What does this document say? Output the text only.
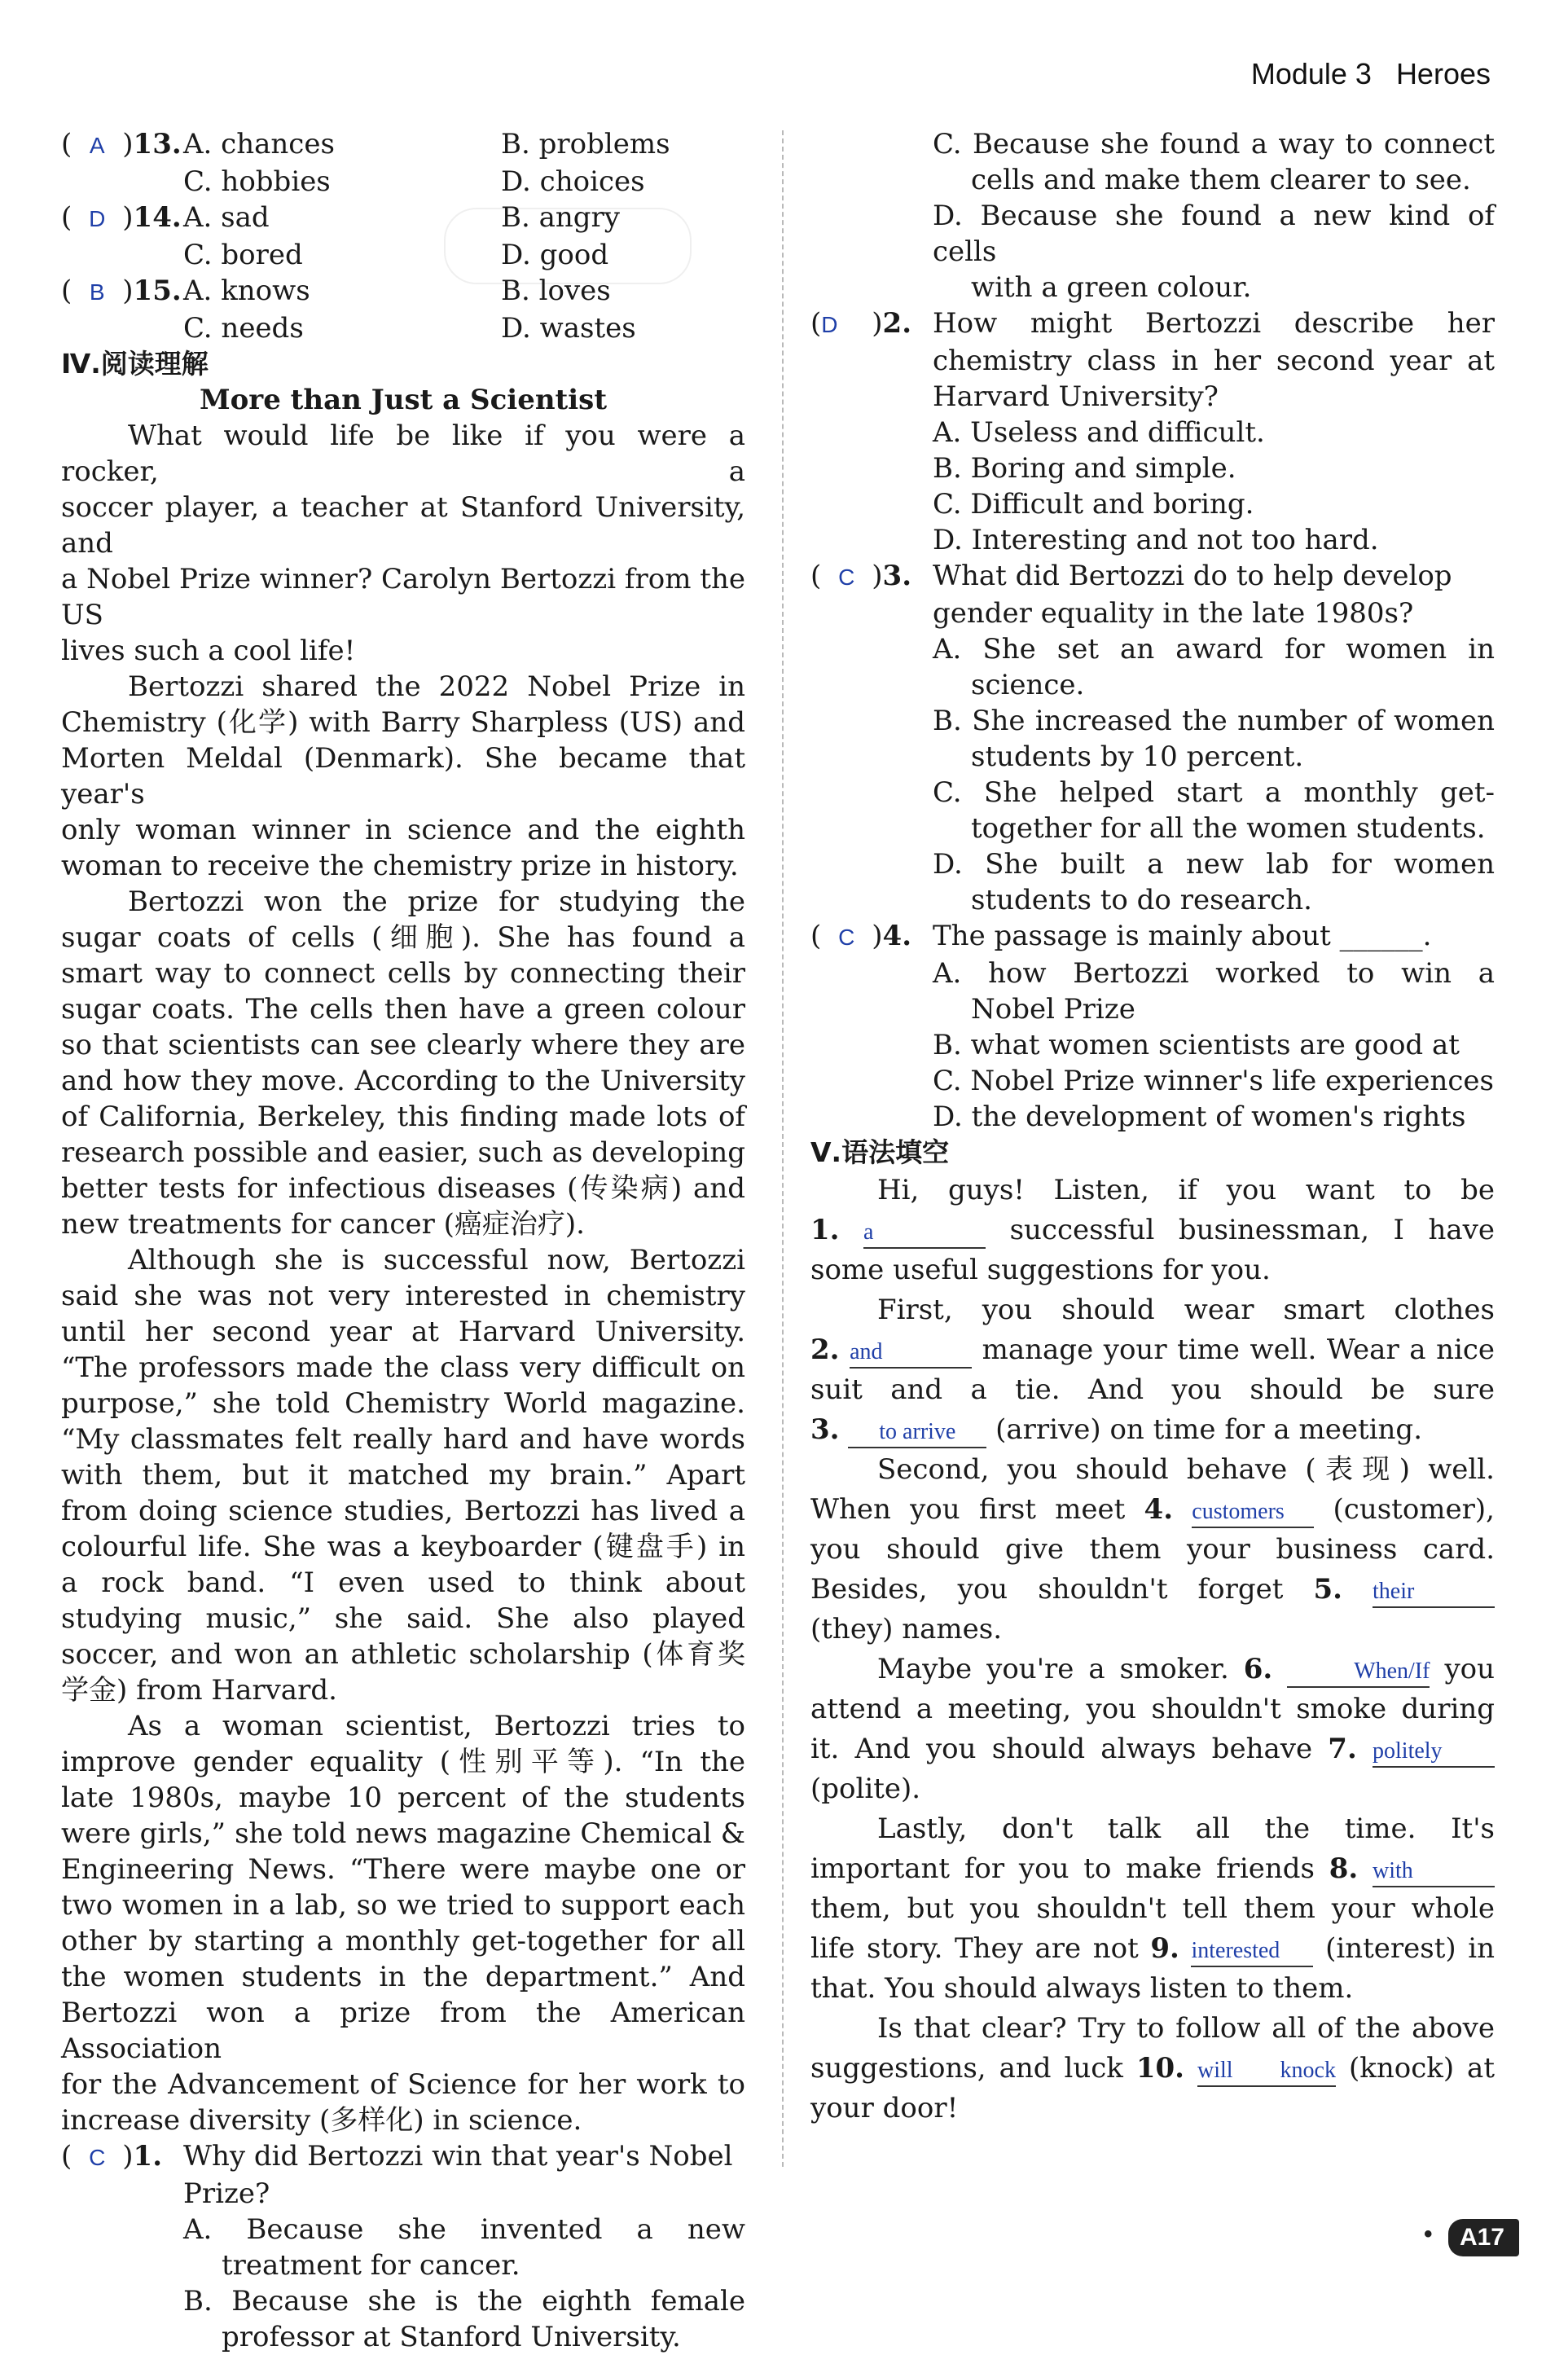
Module 3 Heroes
( A )13.A. chances	B. problems
C. hobbies	D. choices
( D )14.A. sad	B. angry
C. bored	D. good
( B )15.A. knows	B. loves
C. needs	D. wastes

Ⅳ.阅读理解

More than Just a Scientist

What would life be like if you were a rocker, a

soccer player, a teacher at Stanford University, and

a Nobel Prize winner? Carolyn Bertozzi from the US

lives such a cool life!

Bertozzi shared the 2022 Nobel Prize in

Chemistry (化学) with Barry Sharpless (US) and

Morten Meldal (Denmark). She became that year's

only woman winner in science and the eighth

woman to receive the chemistry prize in history.

Bertozzi won the prize for studying the

sugar coats of cells (细胞). She has found a

smart way to connect cells by connecting their

sugar coats. The cells then have a green colour

so that scientists can see clearly where they are

and how they move. According to the University

of California, Berkeley, this finding made lots of

research possible and easier, such as developing

better tests for infectious diseases (传染病) and

new treatments for cancer (癌症治疗).

Although she is successful now, Bertozzi

said she was not very interested in chemistry

until her second year at Harvard University.

“The professors made the class very difficult on

purpose,” she told Chemistry World magazine.

“My classmates felt really hard and have words

with them, but it matched my brain.” Apart

from doing science studies, Bertozzi has lived a

colourful life. She was a keyboarder (键盘手) in

a rock band. “I even used to think about

studying music,” she said. She also played

soccer, and won an athletic scholarship (体育奖

学金) from Harvard.

As a woman scientist, Bertozzi tries to

improve gender equality (性别平等). “In the

late 1980s, maybe 10 percent of the students

were girls,” she told news magazine Chemical &

Engineering News. “There were maybe one or

two women in a lab, so we tried to support each

other by starting a monthly get-together for all

the women students in the department.” And

Bertozzi won a prize from the American Association

for the Advancement of Science for her work to

increase diversity (多样化) in science.

( C )1. Why did Bertozzi win that year's Nobel

Prize?

A. Because she invented a new

treatment for cancer.

B. Because she is the eighth female

professor at Stanford University.

C. Because she found a way to connect

cells and make them clearer to see.

D. Because she found a new kind of cells

with a green colour.

(D )2. How might Bertozzi describe her

chemistry class in her second year at

Harvard University?

A. Useless and difficult.

B. Boring and simple.

C. Difficult and boring.

D. Interesting and not too hard.

( C )3. What did Bertozzi do to help develop

gender equality in the late 1980s?

A. She set an award for women in

science.

B. She increased the number of women

students by 10 percent.

C. She helped start a monthly get-

together for all the women students.

D. She built a new lab for women

students to do research.

( C )4. The passage is mainly about ______.

A. how Bertozzi worked to win a

Nobel Prize

B. what women scientists are good at

C. Nobel Prize winner's life experiences

D. the development of women's rights

Ⅴ.语法填空

Hi, guys! Listen, if you want to be

1. a	successful businessman, I have

some useful suggestions for you.

First, you should wear smart clothes

2. and	manage your time well. Wear a nice

suit and a tie. And you should be sure

3. to arrive (arrive) on time for a meeting.

Second, you should behave (表现) well.

When you first meet 4. customers (customer),

you should give them your business card.

Besides, you shouldn't forget 5. their

(they) names.

Maybe you're a smoker. 6.	When/If you

attend a meeting, you shouldn't smoke during

it. And you should always behave 7. politely

(polite).

Lastly, don't talk all the time. It's

important for you to make friends 8. with

them, but you shouldn't tell them your whole

life story. They are not 9. interested (interest) in

that. You should always listen to them.

Is that clear? Try to follow all of the above

suggestions, and luck 10. will knock (knock) at

your door!

• A17
